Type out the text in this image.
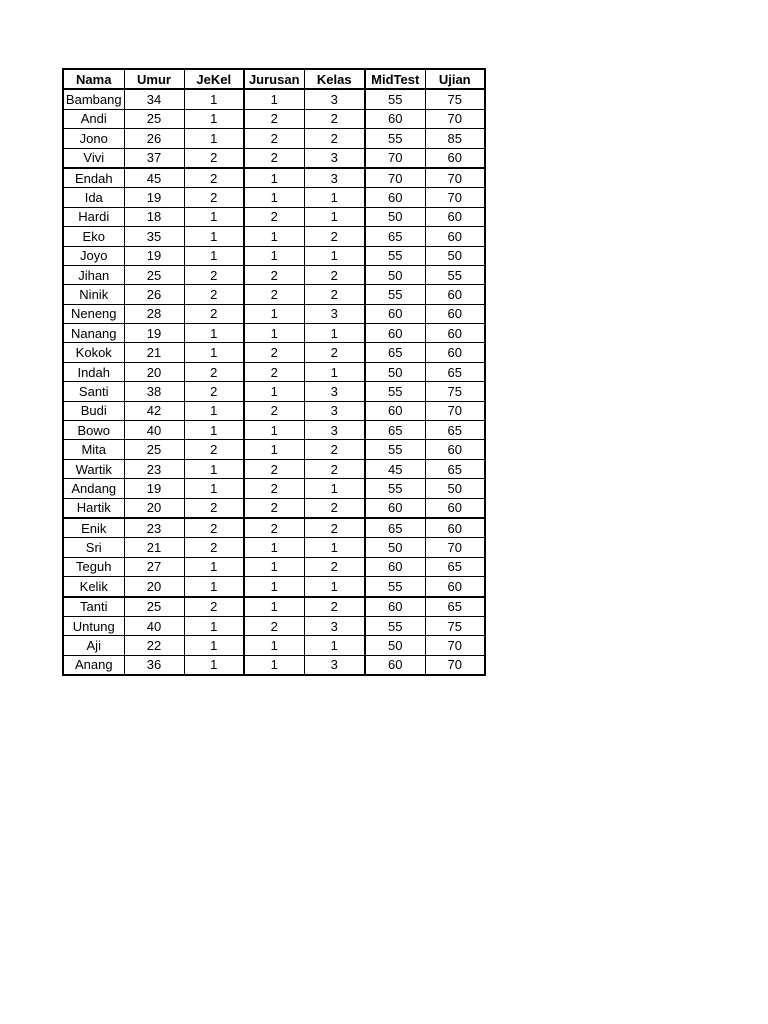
Nama	Umur	JeKel	Jurusan	Kelas	MidTest	Ujian
Bambang	34	1	1	3	55	75
Andi	25	1	2	2	60	70
Jono	26	1	2	2	55	85
Vivi	37	2	2	3	70	60
Endah	45	2	1	3	70	70
Ida	19	2	1	1	60	70
Hardi	18	1	2	1	50	60
Eko	35	1	1	2	65	60
Joyo	19	1	1	1	55	50
Jihan	25	2	2	2	50	55
Ninik	26	2	2	2	55	60
Neneng	28	2	1	3	60	60
Nanang	19	1	1	1	60	60
Kokok	21	1	2	2	65	60
Indah	20	2	2	1	50	65
Santi	38	2	1	3	55	75
Budi	42	1	2	3	60	70
Bowo	40	1	1	3	65	65
Mita	25	2	1	2	55	60
Wartik	23	1	2	2	45	65
Andang	19	1	2	1	55	50
Hartik	20	2	2	2	60	60
Enik	23	2	2	2	65	60
Sri	21	2	1	1	50	70
Teguh	27	1	1	2	60	65
Kelik	20	1	1	1	55	60
Tanti	25	2	1	2	60	65
Untung	40	1	2	3	55	75
Aji	22	1	1	1	50	70
Anang	36	1	1	3	60	70
